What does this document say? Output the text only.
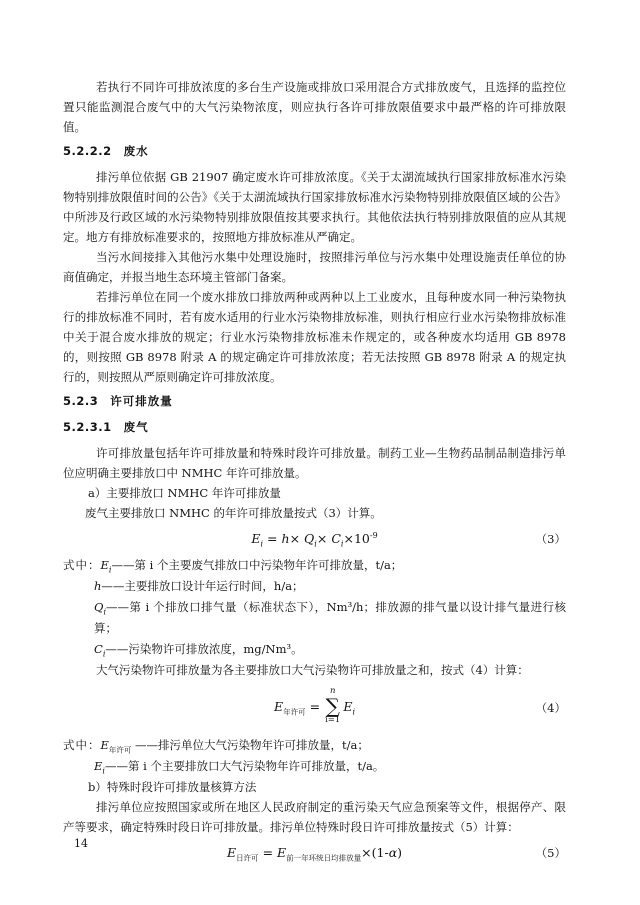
若执行不同许可排放浓度的多台生产设施或排放口采用混合方式排放废气，且选择的监控位置只能监测混合废气中的大气污染物浓度，则应执行各许可排放限值要求中最严格的许可排放限值。

5.2.2.2 废水

排污单位依据 GB 21907 确定废水许可排放浓度。《关于太湖流域执行国家排放标准水污染物特别排放限值时间的公告》《关于太湖流域执行国家排放标准水污染物特别排放限值区域的公告》中所涉及行政区域的水污染物特别排放限值按其要求执行。其他依法执行特别排放限值的应从其规定。地方有排放标准要求的，按照地方排放标准从严确定。

当污水间接排入其他污水集中处理设施时，按照排污单位与污水集中处理设施责任单位的协商值确定，并报当地生态环境主管部门备案。

若排污单位在同一个废水排放口排放两种或两种以上工业废水，且每种废水同一种污染物执行的排放标准不同时，若有废水适用的行业水污染物排放标准，则执行相应行业水污染物排放标准中关于混合废水排放的规定；行业水污染物排放标准未作规定的，或各种废水均适用 GB 8978 的，则按照 GB 8978 附录 A 的规定确定许可排放浓度；若无法按照 GB 8978 附录 A 的规定执行的，则按照从严原则确定许可排放浓度。

5.2.3 许可排放量
5.2.3.1 废气

许可排放量包括年许可排放量和特殊时段许可排放量。制药工业—生物药品制品制造排污单位应明确主要排放口中 NMHC 年许可排放量。

a）主要排放口 NMHC 年许可排放量

废气主要排放口 NMHC 的年许可排放量按式（3）计算。

$E_i = h\times Q_i\times C_i\times 10^{-9}$	（3）

式中：$E_i——$第 i 个主要废气排放口中污染物年许可排放量，t/a；

h——主要排放口设计年运行时间，h/a；

$Q_i——$第 i 个排放口排气量（标准状态下），Nm³/h；排放源的排气量以设计排气量进行核算；

$C_i——$污染物许可排放浓度，mg/Nm³。

大气污染物许可排放量为各主要排放口大气污染物许可排放量之和，按式（4）计算：

$E_{年许可}$ =
n
∑
i=1
$E_i$	（4）

式中：$E_{年许可}$ ——排污单位大气污染物年许可排放量，t/a；

$E_i——$第 i 个主要排放口大气污染物年许可排放量，t/a。

b）特殊时段许可排放量核算方法

排污单位应按照国家或所在地区人民政府制定的重污染天气应急预案等文件，根据停产、限产等要求，确定特殊时段日许可排放量。排污单位特殊时段日许可排放量按式（5）计算：

$E_{日许可} = E_{前一年环统日均排放量}\times(1-\alpha)$	（5）
14
